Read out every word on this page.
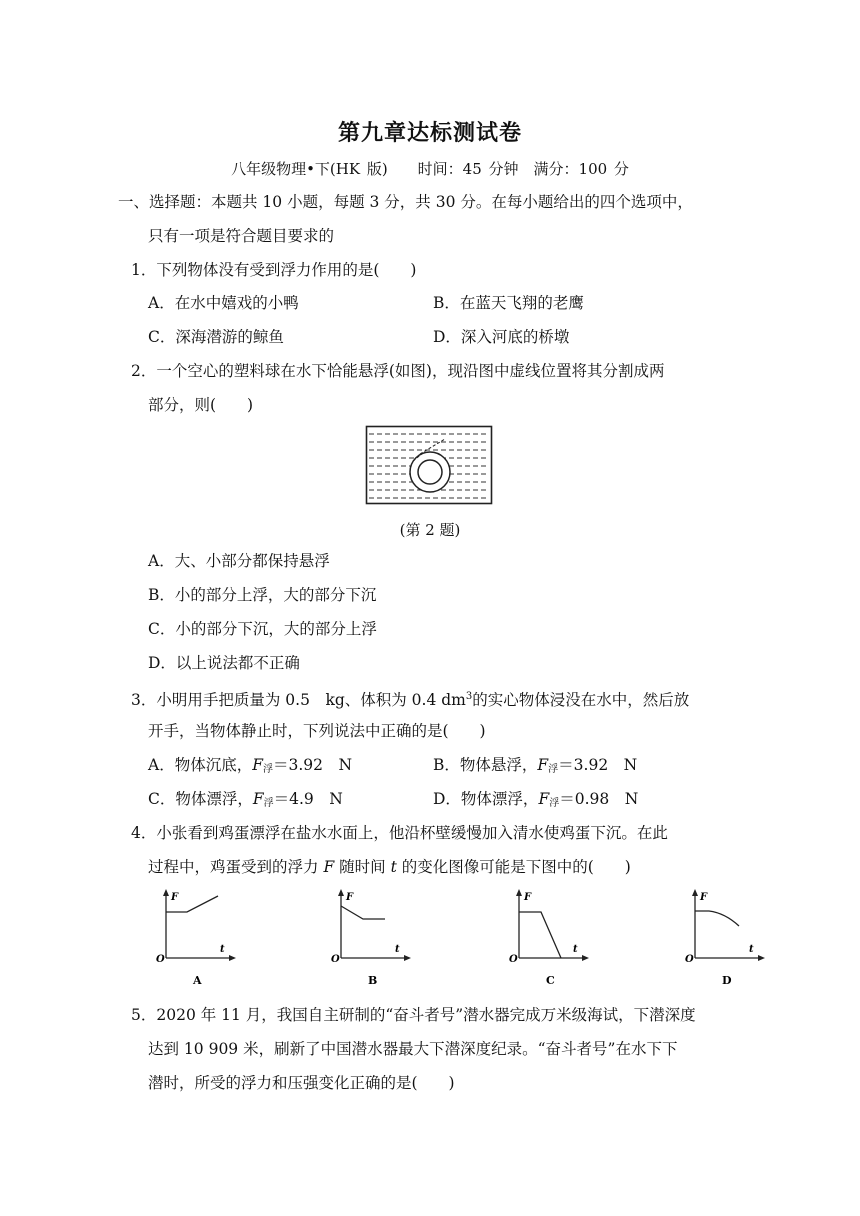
第九章达标测试卷
八年级物理•下(HK 版)　　时间：45 分钟　满分：100 分
一、选择题：本题共 10 小题，每题 3 分，共 30 分。在每小题给出的四个选项中，
只有一项是符合题目要求的
1．下列物体没有受到浮力作用的是(　　)
A．在水中嬉戏的小鸭	B．在蓝天飞翔的老鹰
C．深海潜游的鲸鱼	D．深入河底的桥墩
2．一个空心的塑料球在水下恰能悬浮(如图)，现沿图中虚线位置将其分割成两
部分，则(　　)
(第 2 题)
A．大、小部分都保持悬浮
B．小的部分上浮，大的部分下沉
C．小的部分下沉，大的部分上浮
D．以上说法都不正确
3．小明用手把质量为 0.5　kg、体积为 0.4 $dm^3$的实心物体浸没在水中，然后放
开手，当物体静止时，下列说法中正确的是(　　)
A．物体沉底，F浮＝3.92　N	B．物体悬浮，F浮＝3.92　N
C．物体漂浮，F浮＝4.9　N	D．物体漂浮，F浮＝0.98　N
4．小张看到鸡蛋漂浮在盐水水面上，他沿杯壁缓慢加入清水使鸡蛋下沉。在此
过程中，鸡蛋受到的浮力 F 随时间 t 的变化图像可能是下图中的(　　)
F
t
O
A
F
t
O
B
F
t
O
C
F
t
O
D
5．2020 年 11 月，我国自主研制的“奋斗者号”潜水器完成万米级海试，下潜深度
达到 10 909 米，刷新了中国潜水器最大下潜深度纪录。“奋斗者号”在水下下
潜时，所受的浮力和压强变化正确的是(　　)
